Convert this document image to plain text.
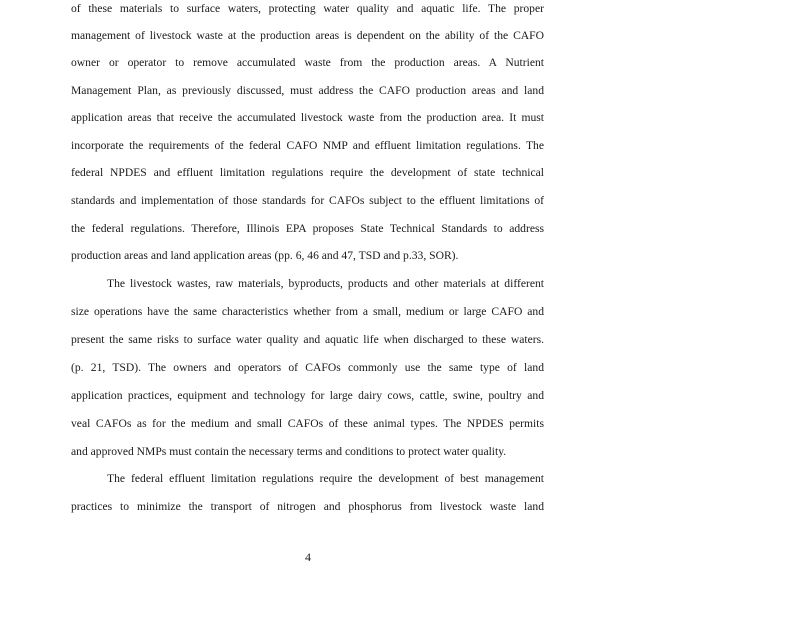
of these materials to surface waters, protecting water quality and aquatic life. The proper
management of livestock waste at the production areas is dependent on the ability of the CAFO
owner or operator to remove accumulated waste from the production areas. A Nutrient
Management Plan, as previously discussed, must address the CAFO production areas and land
application areas that receive the accumulated livestock waste from the production area. It must
incorporate the requirements of the federal CAFO NMP and effluent limitation regulations. The
federal NPDES and effluent limitation regulations require the development of state technical
standards and implementation of those standards for CAFOs subject to the effluent limitations of
the federal regulations. Therefore, Illinois EPA proposes State Technical Standards to address
production areas and land application areas (pp. 6, 46 and 47, TSD and p.33, SOR).
The livestock wastes, raw materials, byproducts, products and other materials at different
size operations have the same characteristics whether from a small, medium or large CAFO and
present the same risks to surface water quality and aquatic life when discharged to these waters.
(p. 21, TSD). The owners and operators of CAFOs commonly use the same type of land
application practices, equipment and technology for large dairy cows, cattle, swine, poultry and
veal CAFOs as for the medium and small CAFOs of these animal types. The NPDES permits
and approved NMPs must contain the necessary terms and conditions to protect water quality.
The federal effluent limitation regulations require the development of best management
practices to minimize the transport of nitrogen and phosphorus from livestock waste land
4
